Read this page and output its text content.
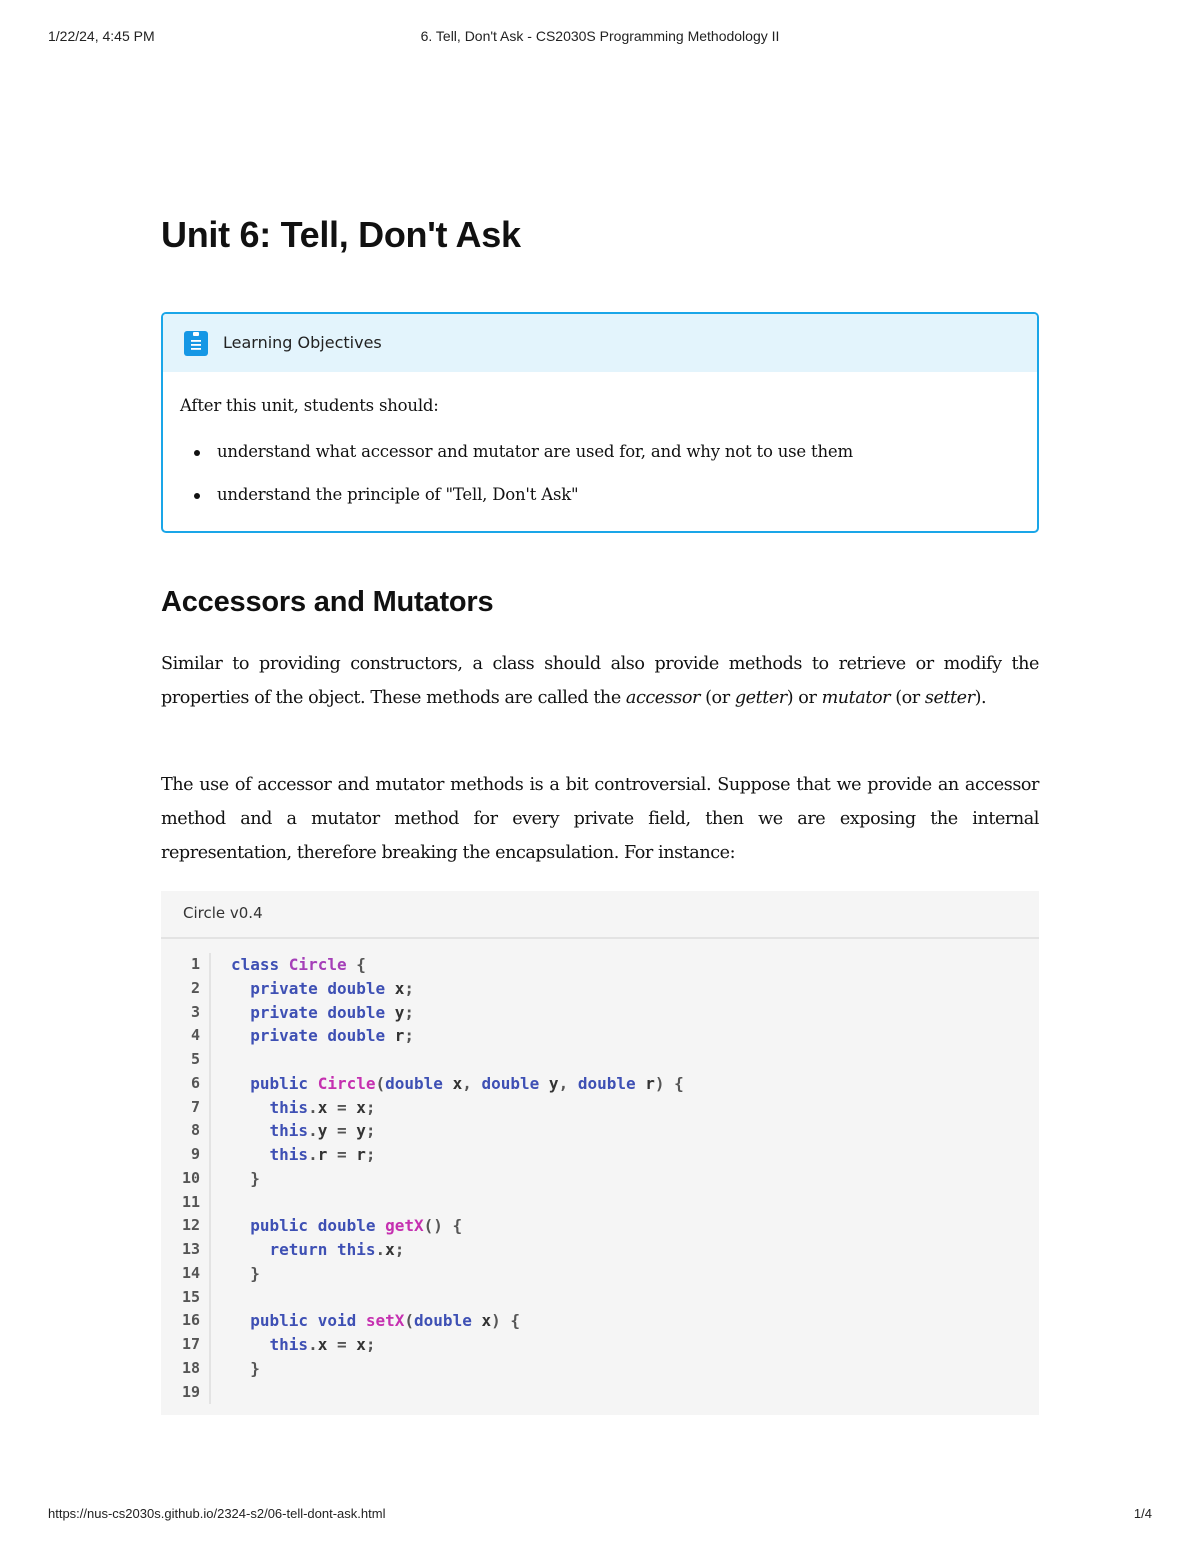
1/22/24, 4:45 PM	6. Tell, Don't Ask - CS2030S Programming Methodology II
Unit 6: Tell, Don't Ask
Learning Objectives

After this unit, students should:

understand what accessor and mutator are used for, and why not to use them
understand the principle of "Tell, Don't Ask"
Accessors and Mutators

Similar to providing constructors, a class should also provide methods to retrieve or modify the properties of the object. These methods are called the accessor (or getter) or mutator (or setter).

The use of accessor and mutator methods is a bit controversial. Suppose that we provide an accessor method and a mutator method for every private field, then we are exposing the internal representation, therefore breaking the encapsulation. For instance:

Circle v0.4
1
2
3
4
5
6
7
8
9
10
11
12
13
14
15
16
17
18
19
class Circle {
private double x;
private double y;
private double r;

public Circle(double x, double y, double r) {
this.x = x;
this.y = y;
this.r = r;
}

public double getX() {
return this.x;
}

public void setX(double x) {
this.x = x;
}

https://nus-cs2030s.github.io/2324-s2/06-tell-dont-ask.html	1/4
